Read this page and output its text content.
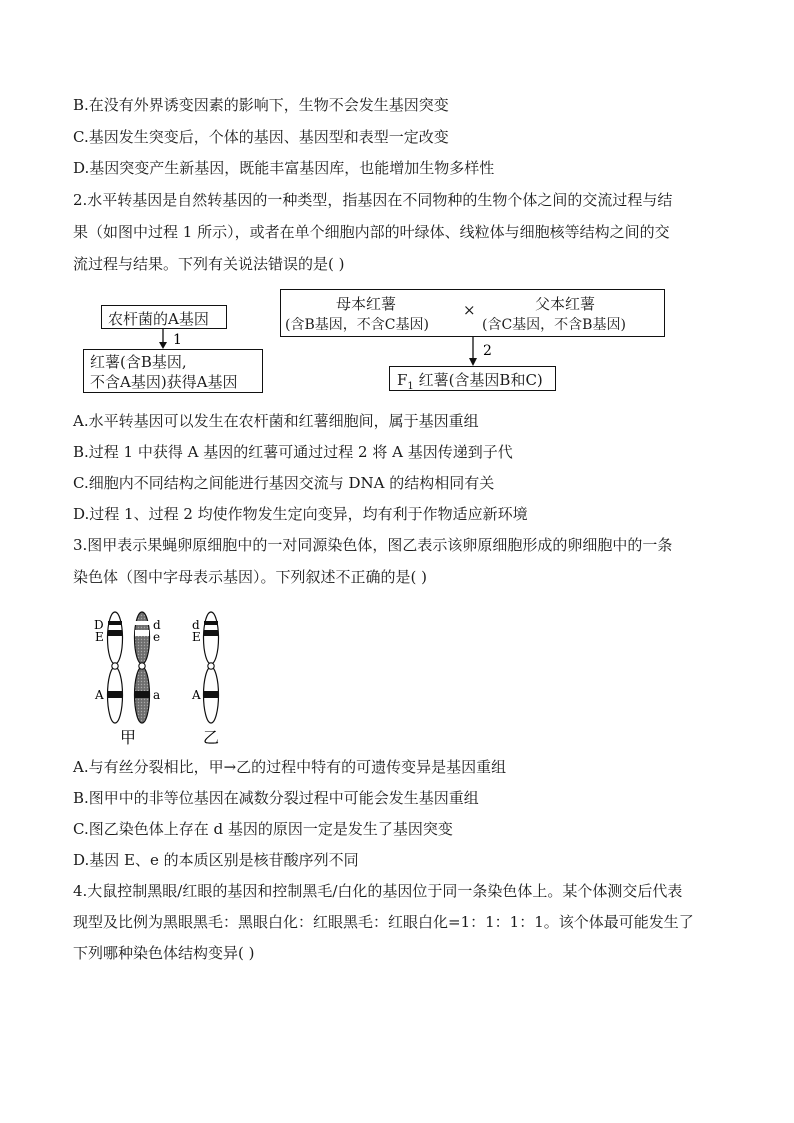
B.在没有外界诱变因素的影响下，生物不会发生基因突变
C.基因发生突变后，个体的基因、基因型和表型一定改变
D.基因突变产生新基因，既能丰富基因库，也能增加生物多样性
2.水平转基因是自然转基因的一种类型，指基因在不同物种的生物个体之间的交流过程与结
果（如图中过程 1 所示），或者在单个细胞内部的叶绿体、线粒体与细胞核等结构之间的交
流过程与结果。下列有关说法错误的是( )
农杆菌的A基因
红薯(含B基因,
不含A基因)获得A基因
母本红薯
(含B基因，不含C基因)
×	父本红薯
(含C基因，不含B基因)
$F_1$ 红薯(含基因B和C)
1
2
A.水平转基因可以发生在农杆菌和红薯细胞间，属于基因重组
B.过程 1 中获得 A 基因的红薯可通过过程 2 将 A 基因传递到子代
C.细胞内不同结构之间能进行基因交流与 DNA 的结构相同有关
D.过程 1、过程 2 均使作物发生定向变异，均有利于作物适应新环境
3.图甲表示果蝇卵原细胞中的一对同源染色体，图乙表示该卵原细胞形成的卵细胞中的一条
染色体（图中字母表示基因）。下列叙述不正确的是( )
D
E
A
d
e
a
d
E
A
甲	乙
A.与有丝分裂相比，甲→乙的过程中特有的可遗传变异是基因重组
B.图甲中的非等位基因在减数分裂过程中可能会发生基因重组
C.图乙染色体上存在 d 基因的原因一定是发生了基因突变
D.基因 E、e 的本质区别是核苷酸序列不同
4.大鼠控制黑眼/红眼的基因和控制黑毛/白化的基因位于同一条染色体上。某个体测交后代表
现型及比例为黑眼黑毛：黑眼白化：红眼黑毛：红眼白化=1：1：1：1。该个体最可能发生了
下列哪种染色体结构变异( )
